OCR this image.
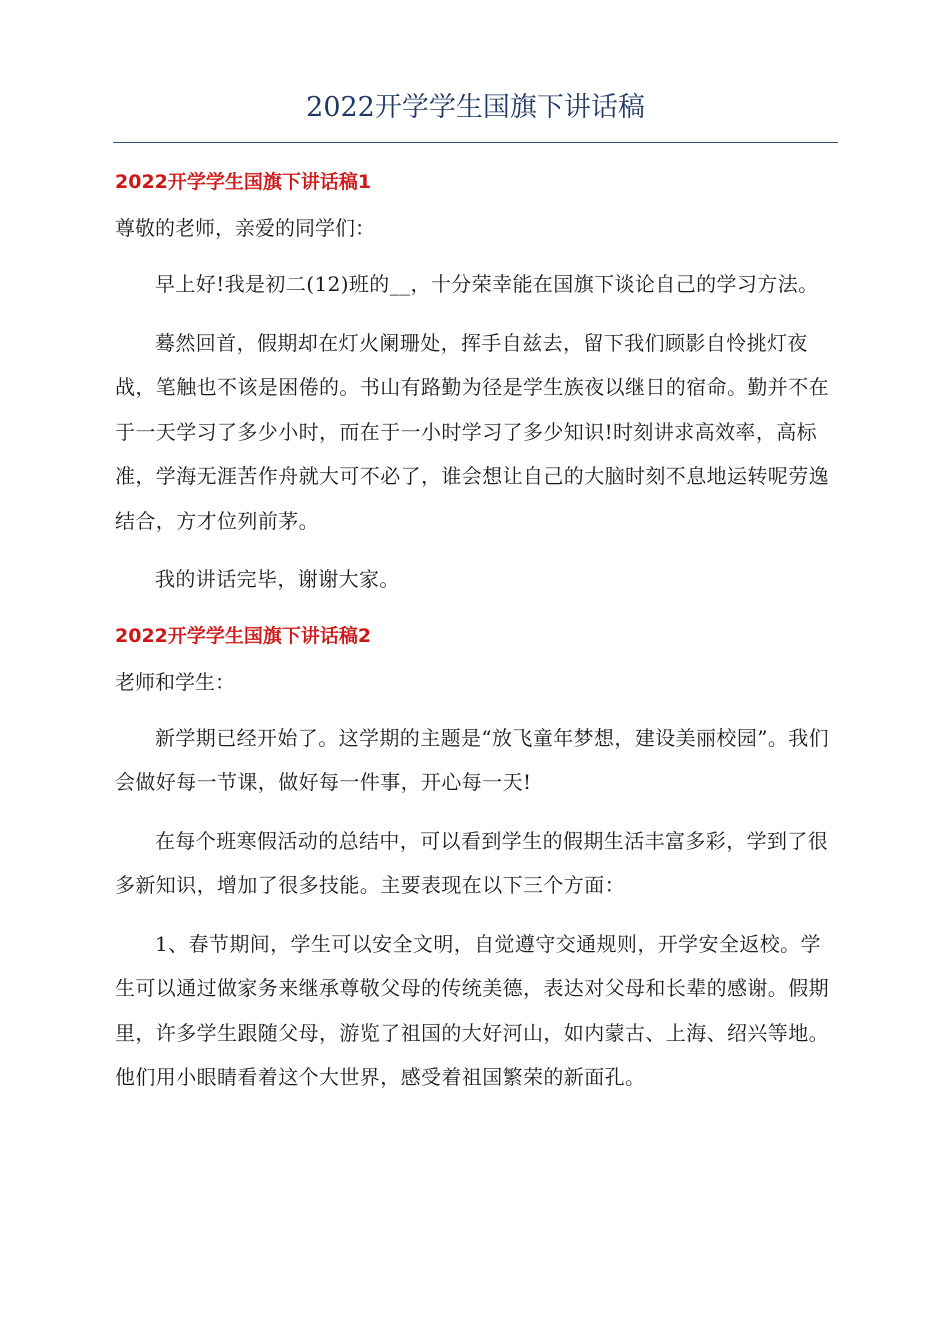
2022开学学生国旗下讲话稿
2022开学学生国旗下讲话稿1

尊敬的老师，亲爱的同学们：

早上好!我是初二(12)班的__，十分荣幸能在国旗下谈论自己的学习方法。

蓦然回首，假期却在灯火阑珊处，挥手自兹去，留下我们顾影自怜挑灯夜战，笔触也不该是困倦的。书山有路勤为径是学生族夜以继日的宿命。勤并不在于一天学习了多少小时，而在于一小时学习了多少知识!时刻讲求高效率，高标准，学海无涯苦作舟就大可不必了，谁会想让自己的大脑时刻不息地运转呢劳逸结合，方才位列前茅。

我的讲话完毕，谢谢大家。

2022开学学生国旗下讲话稿2

老师和学生：

新学期已经开始了。这学期的主题是“放飞童年梦想，建设美丽校园”。我们会做好每一节课，做好每一件事，开心每一天!

在每个班寒假活动的总结中，可以看到学生的假期生活丰富多彩，学到了很多新知识，增加了很多技能。主要表现在以下三个方面：

1、春节期间，学生可以安全文明，自觉遵守交通规则，开学安全返校。学生可以通过做家务来继承尊敬父母的传统美德，表达对父母和长辈的感谢。假期里，许多学生跟随父母，游览了祖国的大好河山，如内蒙古、上海、绍兴等地。他们用小眼睛看着这个大世界，感受着祖国繁荣的新面孔。
